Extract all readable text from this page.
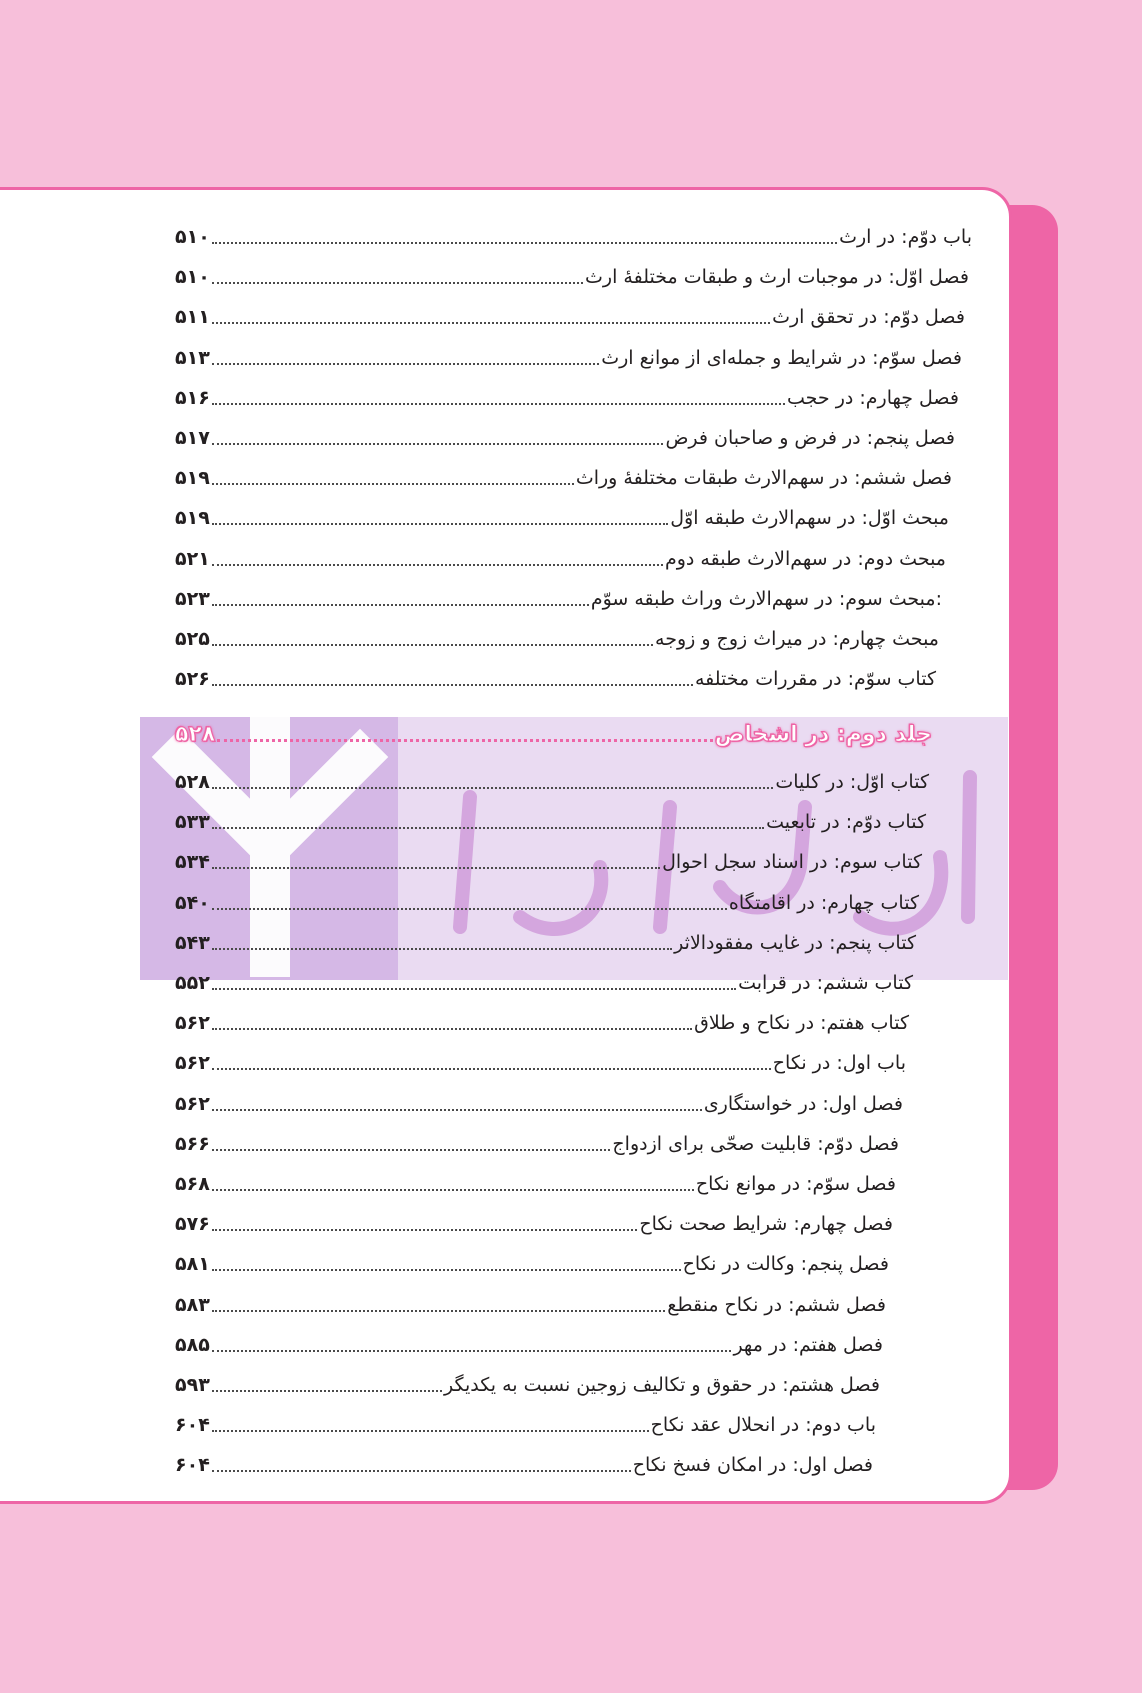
۵۱۰	باب دوّم: در ارث
۵۱۰	فصل اوّل: در موجبات ارث و طبقات مختلفهٔ ارث
۵۱۱	فصل دوّم: در تحقق ارث
۵۱۳	فصل سوّم: در شرایط و جمله‌ای از موانع ارث
۵۱۶	فصل چهارم: در حجب
۵۱۷	فصل پنجم: در فرض و صاحبان فرض
۵۱۹	فصل ششم: در سهم‌الارث طبقات مختلفهٔ وراث
۵۱۹	مبحث اوّل: در سهم‌الارث طبقه اوّل
۵۲۱	مبحث دوم: در سهم‌الارث طبقه دوم
۵۲۳	مبحث سوم: در سهم‌الارث وراث طبقه سوّم:
۵۲۵	مبحث چهارم: در میراث زوج و زوجه
۵۲۶	کتاب سوّم: در مقررات مختلفه
۵۲۸	جلد دوم: در اشخاص
۵۲۸	کتاب اوّل: در کلیات
۵۳۳	کتاب دوّم: در تابعیت
۵۳۴	کتاب سوم: در اسناد سجل احوال
۵۴۰	کتاب چهارم: در اقامتگاه
۵۴۳	کتاب پنجم: در غایب مفقودالاثر
۵۵۲	کتاب ششم: در قرابت
۵۶۲	کتاب هفتم: در نکاح و طلاق
۵۶۲	باب اول: در نکاح
۵۶۲	فصل اول: در خواستگاری
۵۶۶	فصل دوّم: قابلیت صحّی برای ازدواج
۵۶۸	فصل سوّم: در موانع نکاح
۵۷۶	فصل چهارم: شرایط صحت نکاح
۵۸۱	فصل پنجم: وکالت در نکاح
۵۸۳	فصل ششم: در نکاح منقطع
۵۸۵	فصل هفتم: در مهر
۵۹۳	فصل هشتم: در حقوق و تکالیف زوجین نسبت به یکدیگر
۶۰۴	باب دوم: در انحلال عقد نکاح
۶۰۴	فصل اول: در امکان فسخ نکاح
